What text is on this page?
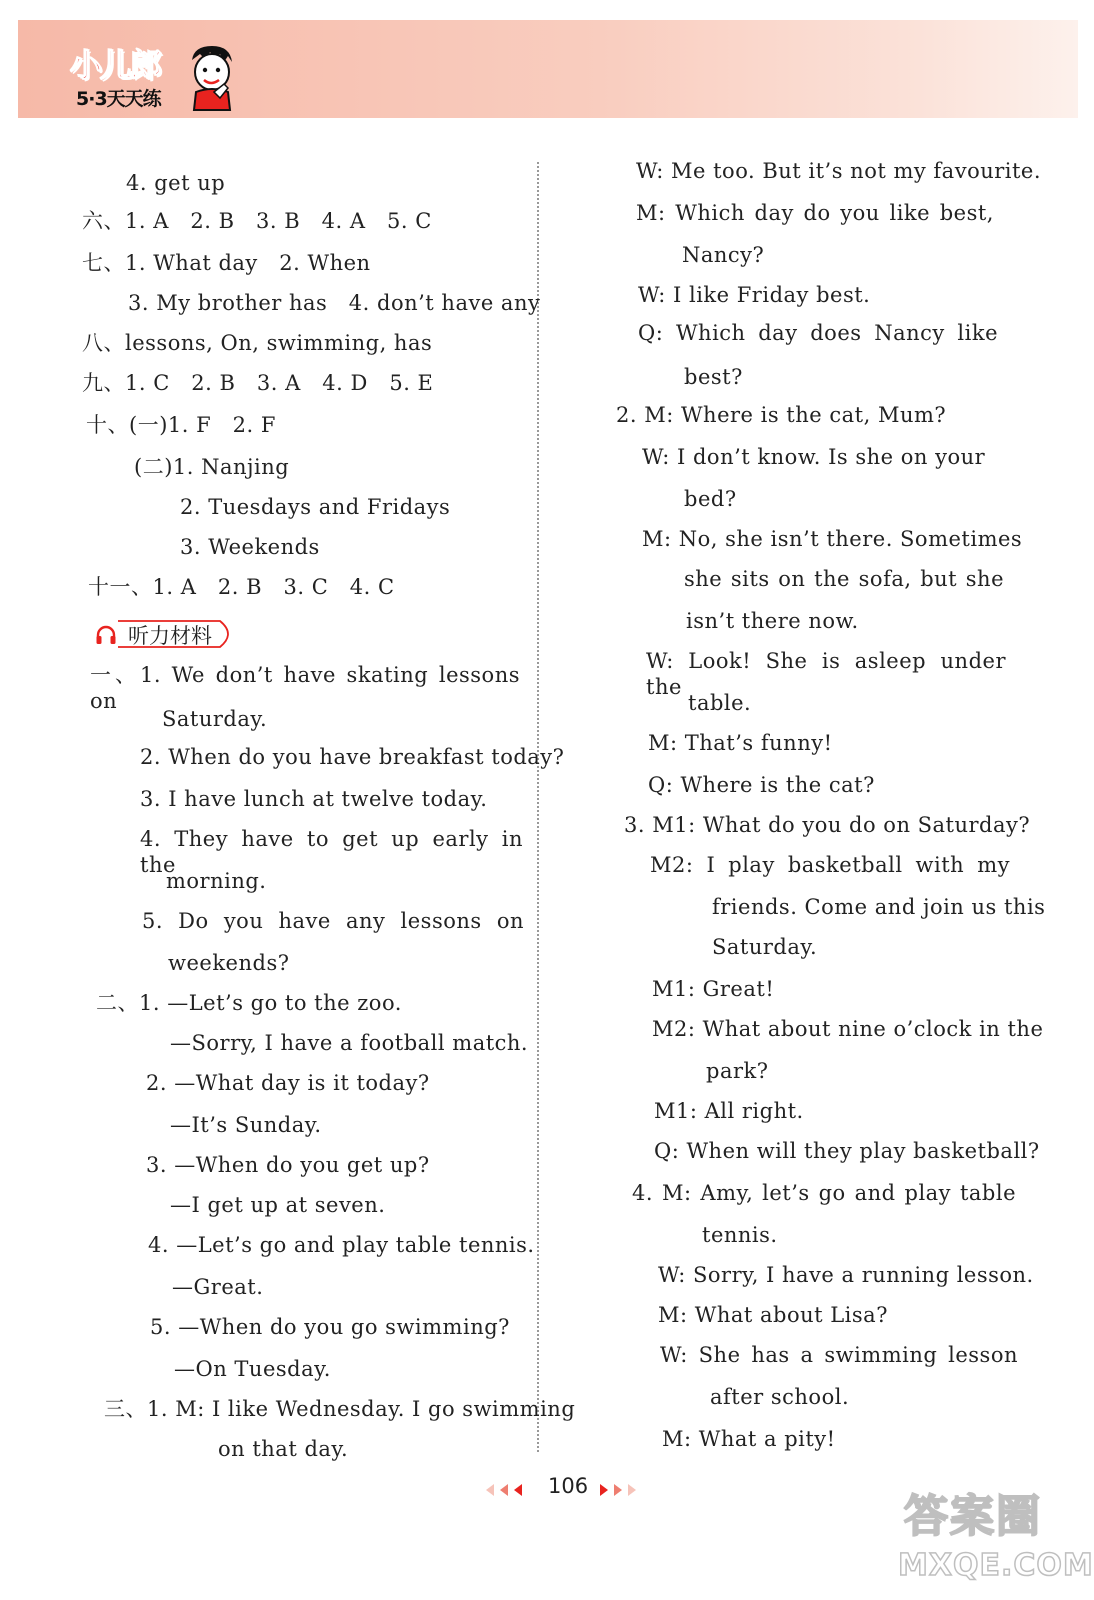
小儿郎
5·3天天练
4. get up
六、1. A　2. B　3. B　4. A　5. C
七、1. What day　2. When
3. My brother has　4. don’t have any
八、lessons, On, swimming, has
九、1. C　2. B　3. A　4. D　5. E
十、(一)1. F　2. F
(二)1. Nanjing
2. Tuesdays and Fridays
3. Weekends
十一、1. A　2. B　3. C　4. C
听力材料
一、1. We don’t have skating lessons on
Saturday.
2. When do you have breakfast today?
3. I have lunch at twelve today.
4. They have to get up early in the
morning.
5. Do you have any lessons on
weekends?
二、1. —Let’s go to the zoo.
—Sorry, I have a football match.
2. —What day is it today?
—It’s Sunday.
3. —When do you get up?
—I get up at seven.
4. —Let’s go and play table tennis.
—Great.
5. —When do you go swimming?
—On Tuesday.
三、1. M: I like Wednesday. I go swimming
on that day.
W: Me too. But it’s not my favourite.
M: Which day do you like best,
Nancy?
W: I like Friday best.
Q: Which day does Nancy like
best?
2. M: Where is the cat, Mum?
W: I don’t know. Is she on your
bed?
M: No, she isn’t there. Sometimes
she sits on the sofa, but she
isn’t there now.
W: Look! She is asleep under the
table.
M: That’s funny!
Q: Where is the cat?
3. M1: What do you do on Saturday?
M2: I play basketball with my
friends. Come and join us this
Saturday.
M1: Great!
M2: What about nine o’clock in the
park?
M1: All right.
Q: When will they play basketball?
4. M: Amy, let’s go and play table
tennis.
W: Sorry, I have a running lesson.
M: What about Lisa?
W: She has a swimming lesson
after school.
M: What a pity!
106
答案圈
MXQE.COM
